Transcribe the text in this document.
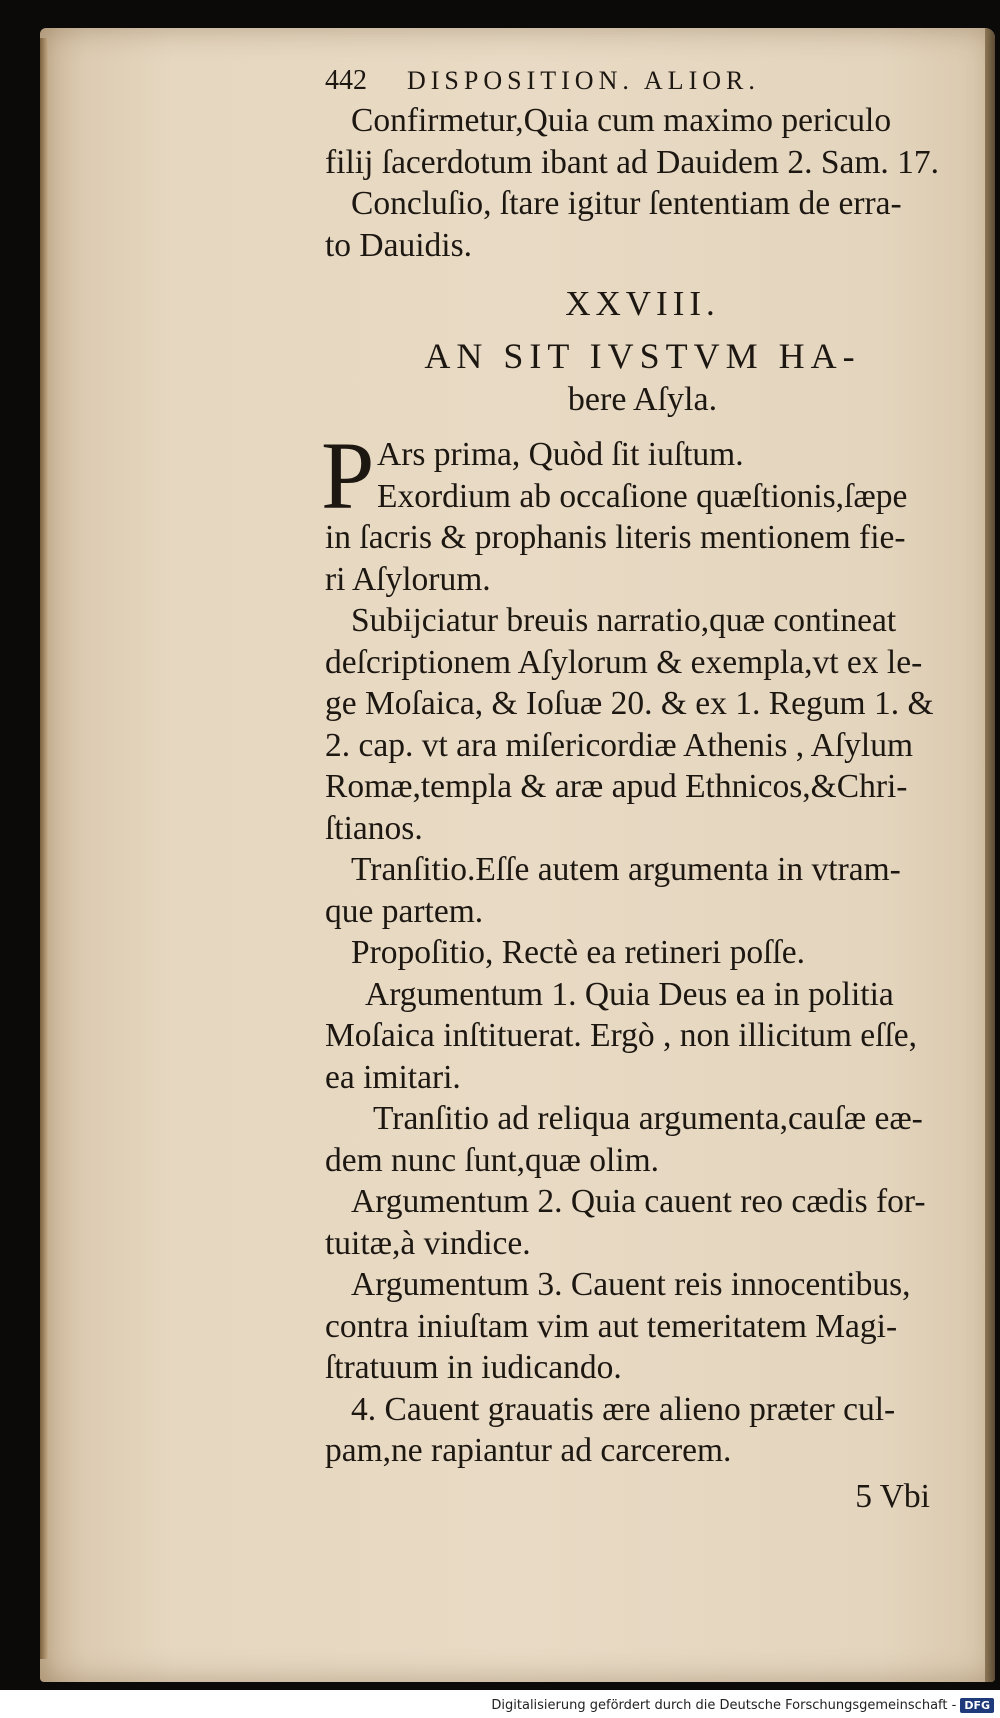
442 DISPOSITION. ALIOR.
Confirmetur,Quia cum maximo periculo
filij ſacerdotum ibant ad Dauidem 2. Sam. 17.
Concluſio, ſtare igitur ſententiam de erra-
to Dauidis.
XXVIII.
AN SIT IVSTVM HA-
bere Aſyla.
P Ars prima, Quòd ſit iuſtum.
Exordium ab occaſione quæſtionis,ſæpe
in ſacris & prophanis literis mentionem fie-
ri Aſylorum.
Subijciatur breuis narratio,quæ contineat
deſcriptionem Aſylorum & exempla,vt ex le-
ge Moſaica, & Ioſuæ 20. & ex 1. Regum 1. &
2. cap. vt ara miſericordiæ Athenis , Aſylum
Romæ,templa & aræ apud Ethnicos,&Chri-
ſtianos.
Tranſitio.Eſſe autem argumenta in vtram-
que partem.
Propoſitio, Rectè ea retineri poſſe.
Argumentum 1. Quia Deus ea in politia
Moſaica inſtituerat. Ergò , non illicitum eſſe,
ea imitari.
Tranſitio ad reliqua argumenta,cauſæ eæ-
dem nunc ſunt,quæ olim.
Argumentum 2. Quia cauent reo cædis for-
tuitæ,à vindice.
Argumentum 3. Cauent reis innocentibus,
contra iniuſtam vim aut temeritatem Magi-
ſtratuum in iudicando.
4. Cauent grauatis ære alieno præter cul-
pam,ne rapiantur ad carcerem.
5 Vbi
Digitalisierung gefördert durch die Deutsche Forschungsgemeinschaft - DFG
